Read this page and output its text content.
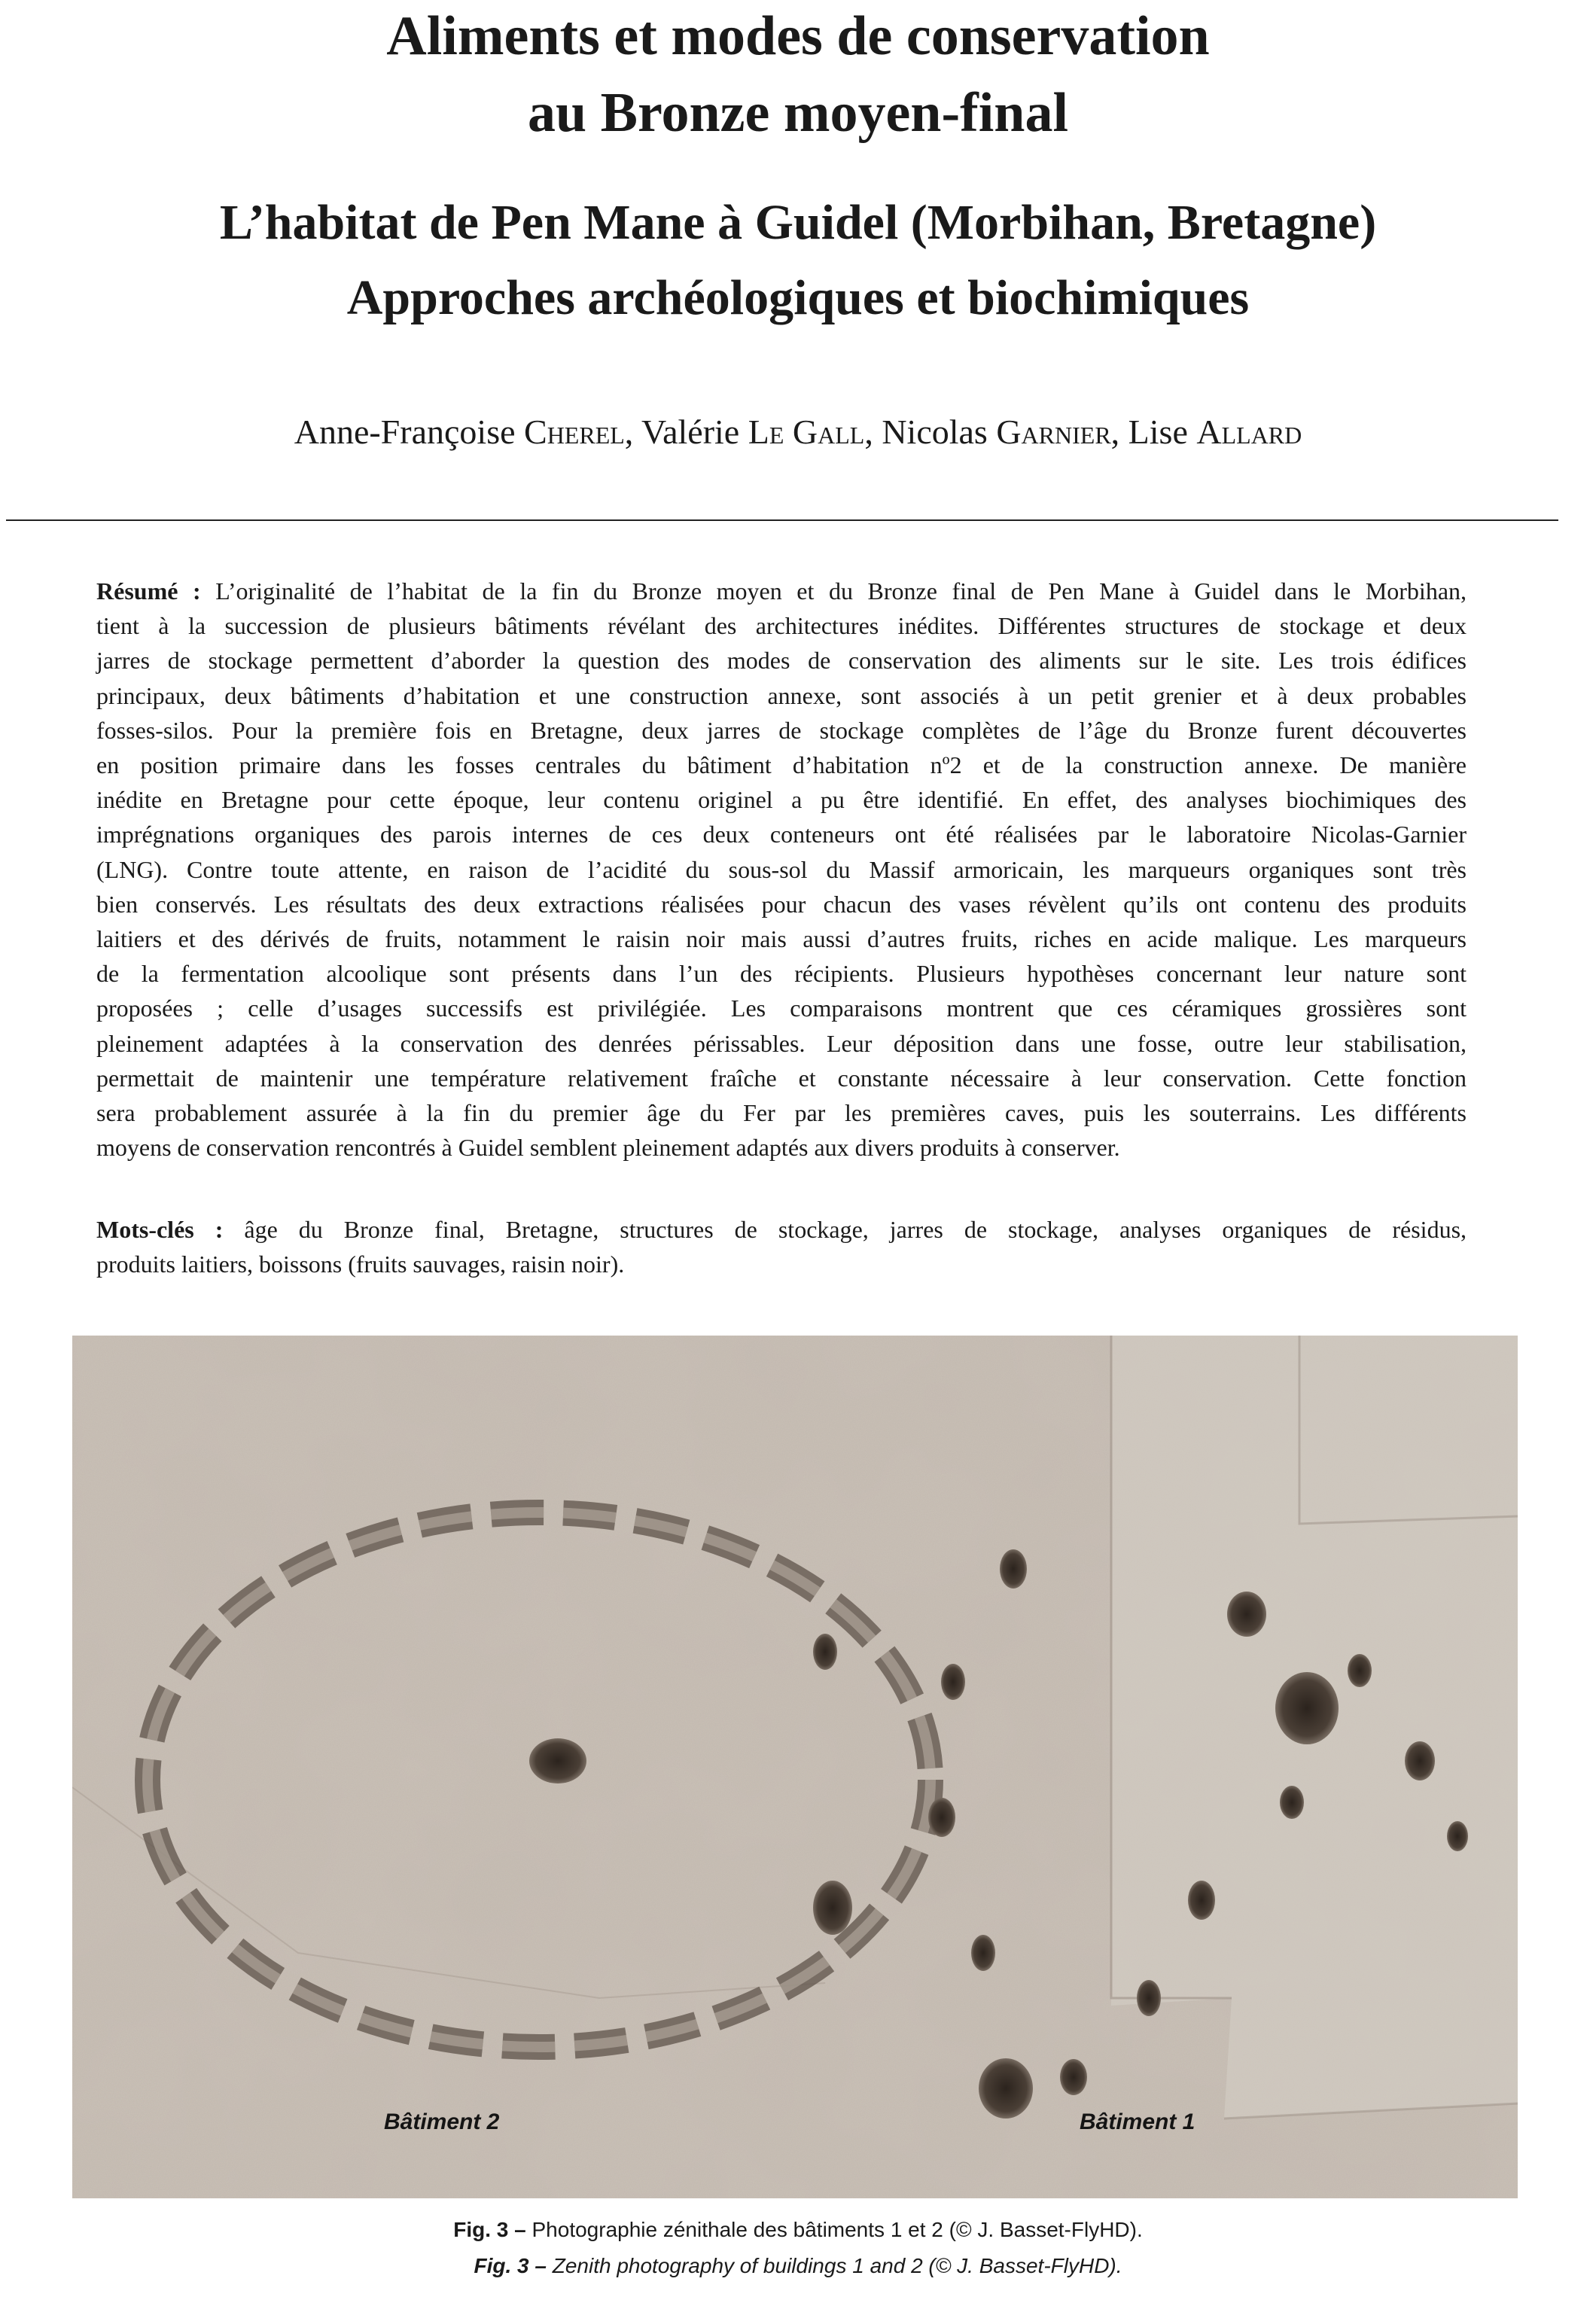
Aliments et modes de conservation
au Bronze moyen-final
L’habitat de Pen Mane à Guidel (Morbihan, Bretagne)
Approches archéologiques et biochimiques
Anne-Françoise Cherel, Valérie Le Gall, Nicolas Garnier, Lise Allard
Résumé : L’originalité de l’habitat de la fin du Bronze moyen et du Bronze final de Pen Mane à Guidel dans le Morbihan,
tient à la succession de plusieurs bâtiments révélant des architectures inédites. Différentes structures de stockage et deux
jarres de stockage permettent d’aborder la question des modes de conservation des aliments sur le site. Les trois édifices
principaux, deux bâtiments d’habitation et une construction annexe, sont associés à un petit grenier et à deux probables
fosses-silos. Pour la première fois en Bretagne, deux jarres de stockage complètes de l’âge du Bronze furent découvertes
en position primaire dans les fosses centrales du bâtiment d’habitation nº2 et de la construction annexe. De manière
inédite en Bretagne pour cette époque, leur contenu originel a pu être identifié. En effet, des analyses biochimiques des
imprégnations organiques des parois internes de ces deux conteneurs ont été réalisées par le laboratoire Nicolas-Garnier
(LNG). Contre toute attente, en raison de l’acidité du sous-sol du Massif armoricain, les marqueurs organiques sont très
bien conservés. Les résultats des deux extractions réalisées pour chacun des vases révèlent qu’ils ont contenu des produits
laitiers et des dérivés de fruits, notamment le raisin noir mais aussi d’autres fruits, riches en acide malique. Les marqueurs
de la fermentation alcoolique sont présents dans l’un des récipients. Plusieurs hypothèses concernant leur nature sont
proposées ; celle d’usages successifs est privilégiée. Les comparaisons montrent que ces céramiques grossières sont
pleinement adaptées à la conservation des denrées périssables. Leur déposition dans une fosse, outre leur stabilisation,
permettait de maintenir une température relativement fraîche et constante nécessaire à leur conservation. Cette fonction
sera probablement assurée à la fin du premier âge du Fer par les premières caves, puis les souterrains. Les différents
moyens de conservation rencontrés à Guidel semblent pleinement adaptés aux divers produits à conserver.
Mots-clés : âge du Bronze final, Bretagne, structures de stockage, jarres de stockage, analyses organiques de résidus,
produits laitiers, boissons (fruits sauvages, raisin noir).
Bâtiment 2	Bâtiment 1
Fig. 3 – Photographie zénithale des bâtiments 1 et 2 (© J. Basset-FlyHD).
Fig. 3 – Zenith photography of buildings 1 and 2 (© J. Basset-FlyHD).
